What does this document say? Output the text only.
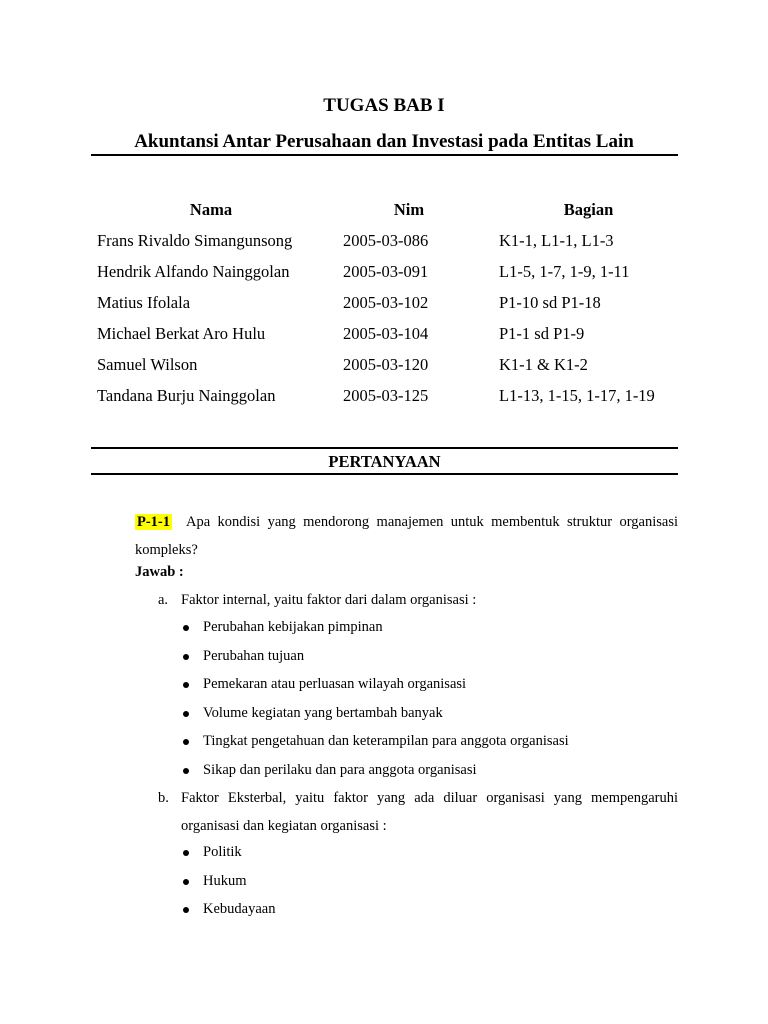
TUGAS BAB I
Akuntansi Antar Perusahaan dan Investasi pada Entitas Lain
Nama	Nim	Bagian
Frans Rivaldo Simangunsong	2005-03-086	K1-1, L1-1, L1-3
Hendrik Alfando Nainggolan	2005-03-091	L1-5, 1-7, 1-9, 1-11
Matius Ifolala	2005-03-102	P1-10 sd P1-18
Michael Berkat Aro Hulu	2005-03-104	P1-1 sd P1-9
Samuel Wilson	2005-03-120	K1-1 & K1-2
Tandana Burju Nainggolan	2005-03-125	L1-13, 1-15, 1-17, 1-19
PERTANYAAN
P-1-1 Apa kondisi yang mendorong manajemen untuk membentuk struktur organisasi kompleks?
Jawab :
a. Faktor internal, yaitu faktor dari dalam organisasi :
Perubahan kebijakan pimpinan
Perubahan tujuan
Pemekaran atau perluasan wilayah organisasi
Volume kegiatan yang bertambah banyak
Tingkat pengetahuan dan keterampilan para anggota organisasi
Sikap dan perilaku dan para anggota organisasi
b. Faktor Eksterbal, yaitu faktor yang ada diluar organisasi yang mempengaruhi organisasi dan kegiatan organisasi :
Politik
Hukum
Kebudayaan
